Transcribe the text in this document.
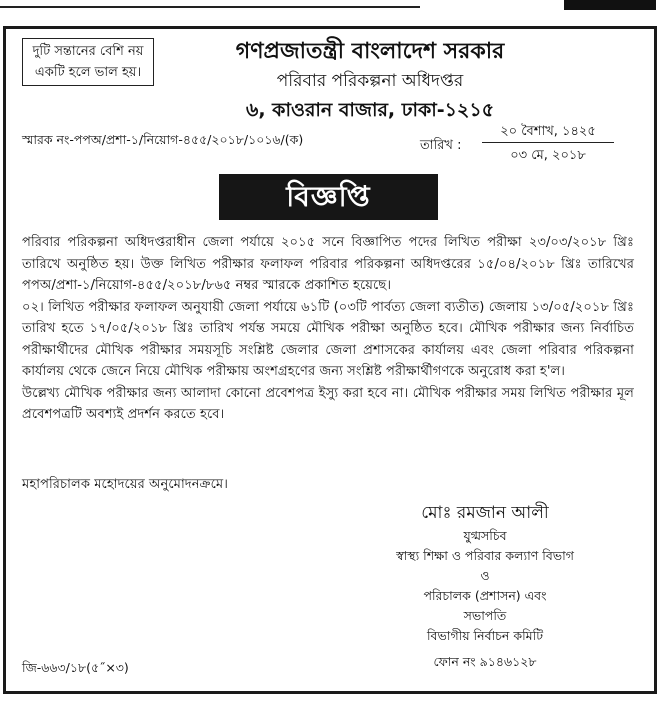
দুটি সন্তানের বেশি নয়
একটি হলে ভাল হয়।
গণপ্রজাতন্ত্রী বাংলাদেশ সরকার
পরিবার পরিকল্পনা অধিদপ্তর
৬, কাওরান বাজার, ঢাকা-১২১৫
স্মারক নং-পপঅ/প্রশা-১/নিয়োগ-৪৫৫/২০১৮/১০১৬/(ক)	তারিখ :
২০ বৈশাখ, ১৪২৫
০৩ মে, ২০১৮
বিজ্ঞপ্তি

পরিবার পরিকল্পনা অধিদপ্তরাধীন জেলা পর্যায়ে ২০১৫ সনে বিজ্ঞাপিত পদের লিখিত পরীক্ষা ২৩/০৩/২০১৮ খ্রিঃ তারিখে অনুষ্ঠিত হয়। উক্ত লিখিত পরীক্ষার ফলাফল পরিবার পরিকল্পনা অধিদপ্তরের ১৫/০৪/২০১৮ খ্রিঃ তারিখের পপঅ/প্রশা-১/নিয়োগ-৪৫৫/২০১৮/৮৬৫ নম্বর স্মারকে প্রকাশিত হয়েছে।

০২। লিখিত পরীক্ষার ফলাফল অনুযায়ী জেলা পর্যায়ে ৬১টি (০৩টি পার্বত্য জেলা ব্যতীত) জেলায় ১৩/০৫/২০১৮ খ্রিঃ তারিখ হতে ১৭/০৫/২০১৮ খ্রিঃ তারিখ পর্যন্ত সময়ে মৌখিক পরীক্ষা অনুষ্ঠিত হবে। মৌখিক পরীক্ষার জন্য নির্বাচিত পরীক্ষার্থীদের মৌখিক পরীক্ষার সময়সূচি সংশ্লিষ্ট জেলার জেলা প্রশাসকের কার্যালয় এবং জেলা পরিবার পরিকল্পনা কার্যালয় থেকে জেনে নিয়ে মৌখিক পরীক্ষায় অংশগ্রহণের জন্য সংশ্লিষ্ট পরীক্ষার্থীগণকে অনুরোধ করা হ'ল।

উল্লেখ্য মৌখিক পরীক্ষার জন্য আলাদা কোনো প্রবেশপত্র ইস্যু করা হবে না। মৌখিক পরীক্ষার সময় লিখিত পরীক্ষার মূল প্রবেশপত্রটি অবশ্যই প্রদর্শন করতে হবে।

মহাপরিচালক মহোদয়ের অনুমোদনক্রমে।
মোঃ রমজান আলী
যুগ্মসচিব
স্বাস্থ্য শিক্ষা ও পরিবার কল্যাণ বিভাগ
ও
পরিচালক (প্রশাসন) এবং
সভাপতি
বিভাগীয় নির্বাচন কমিটি
ফোন নং ৯১৪৬১২৮
জি-৬৬৩/১৮(৫˝×৩)
